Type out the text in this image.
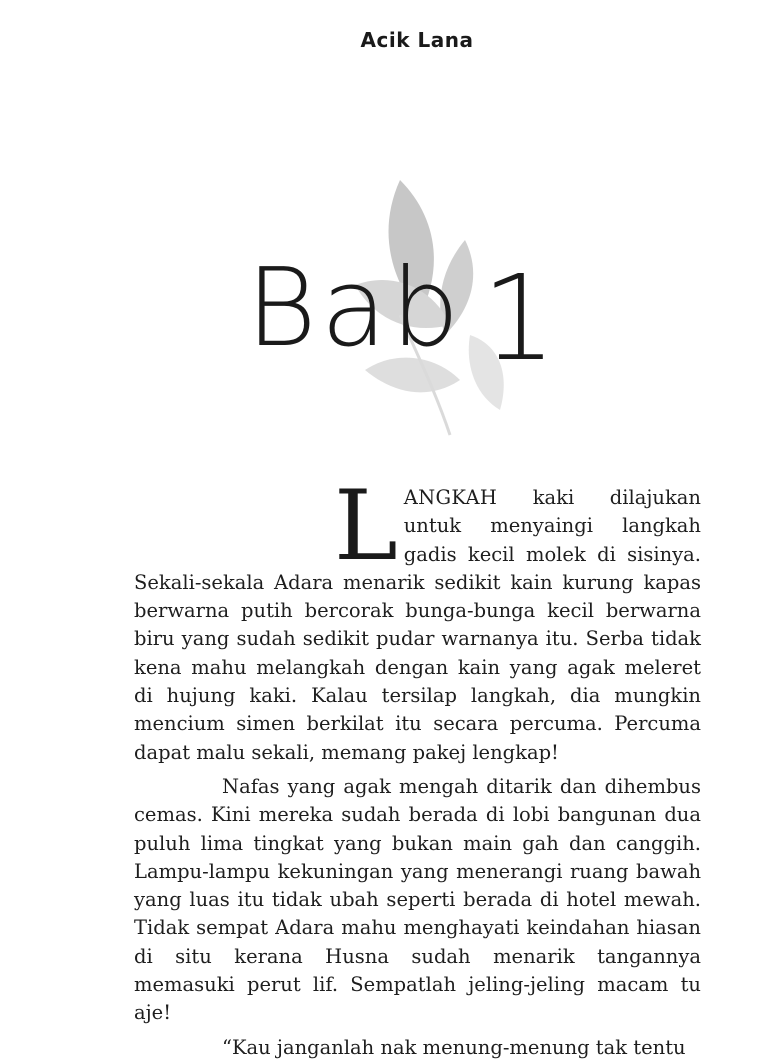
Acik Lana
Bab 1

LANGKAH kaki dilajukan untuk menyaingi langkah gadis kecil molek di sisinya. Sekali-sekala Adara menarik sedikit kain kurung kapas berwarna putih bercorak bunga-bunga kecil berwarna biru yang sudah sedikit pudar warnanya itu. Serba tidak kena mahu melangkah dengan kain yang agak meleret di hujung kaki. Kalau tersilap langkah, dia mungkin mencium simen berkilat itu secara percuma. Percuma dapat malu sekali, memang pakej lengkap!

Nafas yang agak mengah ditarik dan dihembus cemas. Kini mereka sudah berada di lobi bangunan dua puluh lima tingkat yang bukan main gah dan canggih. Lampu-lampu kekuningan yang menerangi ruang bawah yang luas itu tidak ubah seperti berada di hotel mewah. Tidak sempat Adara mahu menghayati keindahan hiasan di situ kerana Husna sudah menarik tangannya memasuki perut lif. Sempatlah jeling-jeling macam tu aje!

“Kau janganlah nak menung-menung tak tentu
